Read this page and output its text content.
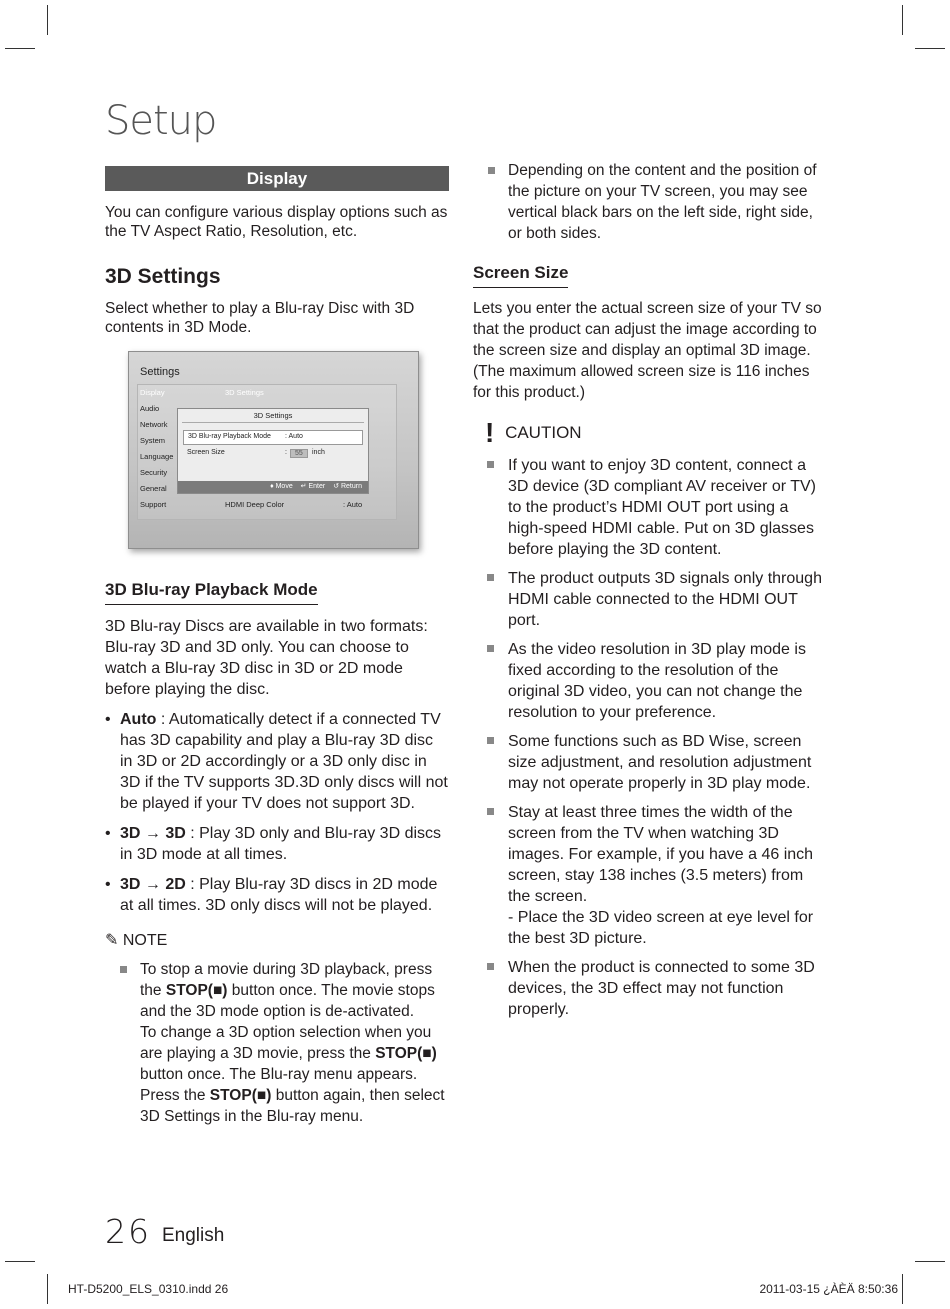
Setup
Display

You can configure various display options such as the TV Aspect Ratio, Resolution, etc.

3D Settings

Select whether to play a Blu-ray Disc with 3D contents in 3D Mode.

3D Blu-ray Playback Mode

3D Blu-ray Discs are available in two formats: Blu-ray 3D and 3D only. You can choose to watch a Blu-ray 3D disc in 3D or 2D mode before playing the disc.

• Auto : Automatically detect if a connected TV has 3D capability and play a Blu-ray 3D disc in 3D or 2D accordingly or a 3D only disc in 3D if the TV supports 3D.3D only discs will not be played if your TV does not support 3D.
• 3D → 3D : Play 3D only and Blu-ray 3D discs in 3D mode at all times.
• 3D → 2D : Play Blu-ray 3D discs in 2D mode at all times. 3D only discs will not be played.
✎ NOTE
To stop a movie during 3D playback, press the STOP(■) button once. The movie stops and the 3D mode option is de-activated.
To change a 3D option selection when you are playing a 3D movie, press the STOP(■) button once. The Blu-ray menu appears. Press the STOP(■) button again, then select 3D Settings in the Blu-ray menu.
Settings
Display	3D Settings
Audio
Network
System
Language
Security
General
Support
3D Settings
3D Blu-ray Playback Mode : Auto
Screen Size	:	55	inch
♦ Move ↵ Enter ↺ Return
HDMI Deep Color	: Auto
Depending on the content and the position of the picture on your TV screen, you may see vertical black bars on the left side, right side, or both sides.
Screen Size

Lets you enter the actual screen size of your TV so that the product can adjust the image according to the screen size and display an optimal 3D image. (The maximum allowed screen size is 116 inches for this product.)

! CAUTION
If you want to enjoy 3D content, connect a 3D device (3D compliant AV receiver or TV) to the product’s HDMI OUT port using a high-speed HDMI cable. Put on 3D glasses before playing the 3D content.
The product outputs 3D signals only through HDMI cable connected to the HDMI OUT port.
As the video resolution in 3D play mode is fixed according to the resolution of the original 3D video, you can not change the resolution to your preference.
Some functions such as BD Wise, screen size adjustment, and resolution adjustment may not operate properly in 3D play mode.
Stay at least three times the width of the screen from the TV when watching 3D images. For example, if you have a 46 inch screen, stay 138 inches (3.5 meters) from the screen.
- Place the 3D video screen at eye level for the best 3D picture.
When the product is connected to some 3D devices, the 3D effect may not function properly.
26 English
HT-D5200_ELS_0310.indd 26	2011-03-15 ¿ÀÈÄ 8:50:36
